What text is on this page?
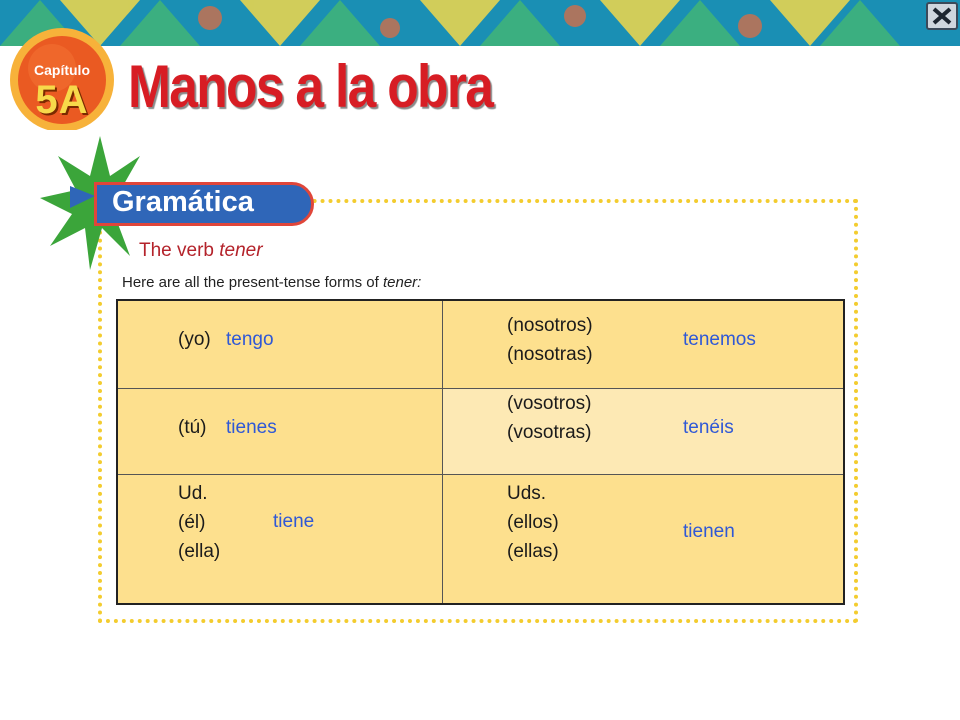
Capítulo
5A Manos a la obra
Gramática
The verb tener
Here are all the present-tense forms of tener:
(yo) tengo
(nosotros)
(nosotras)
tenemos
(tú) tienes
(vosotros)
(vosotras)	tenéis
Ud.
(él)
(ella)
tiene
Uds.
(ellos)
(ellas)
tienen
